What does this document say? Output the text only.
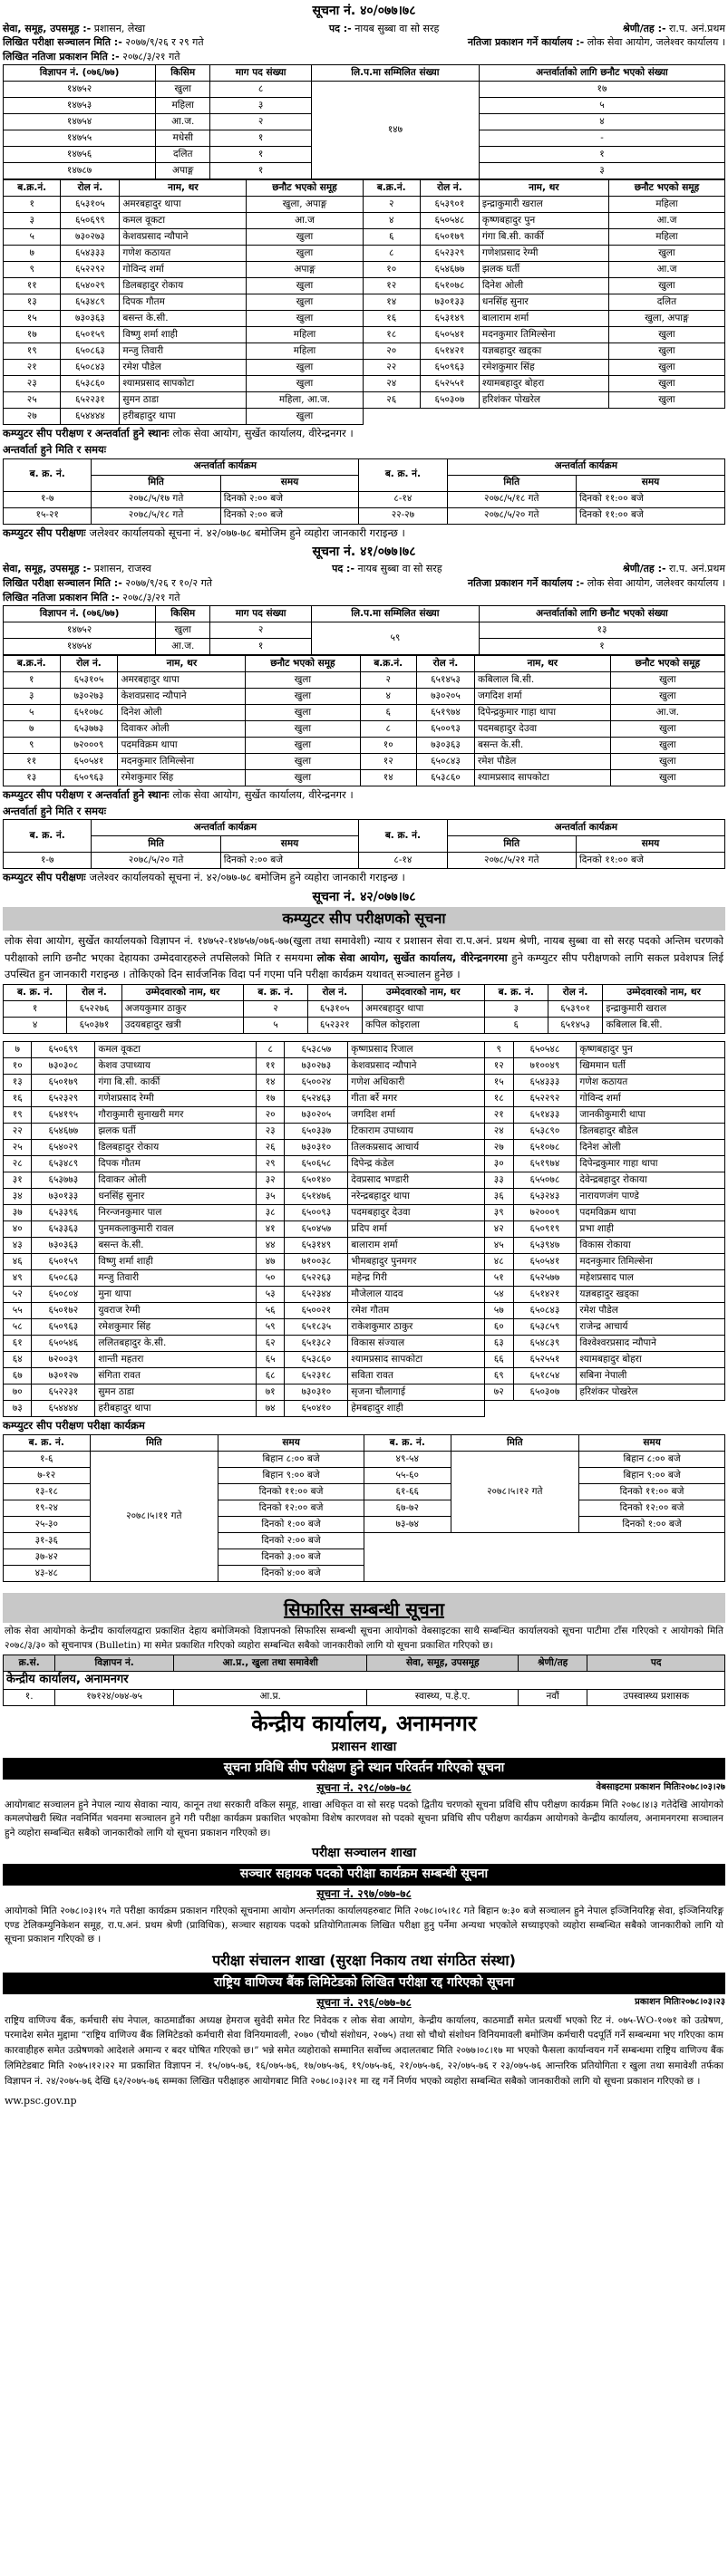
सूचना नं. ४०/०७७।७८
सेवा, समूह, उपसमूह :- प्रशासन, लेखा	पद :- नायब सुब्बा वा सो सरह	श्रेणी/तह :- रा.प. अनं.प्रथम
लिखित परीक्षा सञ्चालन मिति :- २०७७/९/२६ र २९ गते	नतिजा प्रकाशन गर्ने कार्यालय :- लोक सेवा आयोग, जलेश्वर कार्यालय ।
लिखित नतिजा प्रकाशन मिति :- २०७८/३/२१ गते
विज्ञापन नं. (०७६/७७)	किसिम	माग पद संख्या	लि.प.मा सम्मिलित संख्या	अन्तर्वार्ताको लागि छनौट भएको संख्या
१४७५२	खुला	८	१४७	१७
१४७५३	महिला	३		५
१४७५४	आ.ज.	२		४
१४७५५	मधेसी	१		-
१४७५६	दलित	१		१
१४७८७	अपाङ्ग	१		३
ब.क्र.नं.	रोल नं.	नाम, थर	छनौट भएको समूह	ब.क्र.नं.	रोल नं.	नाम, थर	छनौट भएको समूह
१	६५३१०५	अमरबहादुर थापा	खुला, अपाङ्ग	२	६५३९०१	इन्द्राकुमारी खराल	महिला
३	६५०६९९	कमल वूकटा	आ.ज	४	६५०५४८	कृष्णबहादुर पुन	आ.ज
५	७३०२७३	केशवप्रसाद न्यौपाने	खुला	६	६५०१७९	गंगा बि.सी. कार्की	महिला
७	६५४३३३	गणेश कठायत	खुला	८	६५२३२९	गणेशप्रसाद रेग्मी	खुला
९	६५२२९२	गोविन्द शर्मा	अपाङ्ग	१०	६५४६७७	झलक घर्ती	आ.ज
११	६५४०२९	डिलबहादुर रोकाय	खुला	१२	६५१०७८	दिनेश ओली	खुला
१३	६५३४८९	दिपक गौतम	खुला	१४	७३०१३३	धनसिंह सुनार	दलित
१५	७३०३६३	बसन्त के.सी.	खुला	१६	६५३१४९	बालाराम शर्मा	खुला, अपाङ्ग
१७	६५०१५९	विष्णु शर्मा शाही	महिला	१८	६५०५४१	मदनकुमार तिमिल्सेना	खुला
१९	६५०८६३	मन्जु तिवारी	महिला	२०	६५१४२१	यज्ञबहादुर खड्का	खुला
२१	६५०८४३	रमेश पौडेल	खुला	२२	६५०९६३	रमेशकुमार सिंह	खुला
२३	६५३८६०	श्यामप्रसाद सापकोटा	खुला	२४	६५२५५१	श्यामबहादुर बोहरा	खुला
२५	६५२२३१	सुमन ठाडा	महिला, आ.ज.	२६	६५०३०७	हरिशंकर पोखरेल	खुला
२७	६५४४४४	हरीबहादुर थापा	खुला				
कम्प्युटर सीप परीक्षण र अन्तर्वार्ता हुने स्थानः लोक सेवा आयोग, सुर्खेत कार्यालय, वीरेन्द्रनगर ।
अन्तर्वार्ता हुने मिति र समयः
ब. क्र. नं.	अन्तर्वार्ता कार्यक्रम		ब. क्र. नं.	अन्तर्वार्ता कार्यक्रम	
	मिति	समय		मिति	समय
१-७	२०७८/५/१७ गते	दिनको २:०० बजे	८-१४	२०७८/५/१८ गते	दिनको ११:०० बजे
१५-२१	२०७८/५/१८ गते	दिनको २:०० बजे	२२-२७	२०७८/५/२० गते	दिनको ११:०० बजे
कम्प्युटर सीप परीक्षणः जलेश्वर कार्यालयको सूचना नं. ४२/०७७-७८ बमोजिम हुने व्यहोरा जानकारी गराइन्छ ।
सूचना नं. ४१/०७७।७८
सेवा, समूह, उपसमूह :- प्रशासन, राजस्व	पद :- नायब सुब्बा वा सो सरह	श्रेणी/तह :- रा.प. अनं.प्रथम
लिखित परीक्षा सञ्चालन मिति :- २०७७/९/२६ र १०/२ गते	नतिजा प्रकाशन गर्ने कार्यालय :- लोक सेवा आयोग, जलेश्वर कार्यालय ।
लिखित नतिजा प्रकाशन मिति :- २०७८/३/२१ गते
विज्ञापन नं. (०७६/७७)	किसिम	माग पद संख्या	लि.प.मा सम्मिलित संख्या	अन्तर्वार्ताको लागि छनौट भएको संख्या
१४७५२	खुला	२	५९	१३
१४७५४	आ.ज.	१		१
ब.क्र.नं.	रोल नं.	नाम, थर	छनौट भएको समूह	ब.क्र.नं.	रोल नं.	नाम, थर	छनौट भएको समूह
१	६५३१०५	अमरबहादुर थापा	खुला	२	६५१४५३	कबिलाल बि.सी.	खुला
३	७३०२७३	केशवप्रसाद न्यौपाने	खुला	४	७३०२०५	जगदिश शर्मा	खुला
५	६५१०७८	दिनेश ओली	खुला	६	६५१९७४	दिपेन्द्रकुमार गाहा थापा	आ.ज.
७	६५३७७३	दिवाकर ओली	खुला	८	६५००९३	पदमबहादुर देउवा	खुला
९	७२०००९	पदमविक्रम थापा	खुला	१०	७३०३६३	बसन्त के.सी.	खुला
११	६५०५४१	मदनकुमार तिमिल्सेना	खुला	१२	६५०८४३	रमेश पौडेल	खुला
१३	६५०९६३	रमेशकुमार सिंह	खुला	१४	६५३८६०	श्यामप्रसाद सापकोटा	खुला
कम्प्युटर सीप परीक्षण र अन्तर्वार्ता हुने स्थानः लोक सेवा आयोग, सुर्खेत कार्यालय, वीरेन्द्रनगर ।
अन्तर्वार्ता हुने मिति र समयः
ब. क्र. नं.	अन्तर्वार्ता कार्यक्रम		ब. क्र. नं.	अन्तर्वार्ता कार्यक्रम	
	मिति	समय		मिति	समय
१-७	२०७८/५/२० गते	दिनको २:०० बजे	८-१४	२०७८/५/२१ गते	दिनको ११:०० बजे
कम्प्युटर सीप परीक्षणः जलेश्वर कार्यालयको सूचना नं. ४२/०७७-७८ बमोजिम हुने व्यहोरा जानकारी गराइन्छ ।
सूचना नं. ४२/०७७।७८
कम्प्युटर सीप परीक्षणको सूचना
लोक सेवा आयोग, सुर्खेत कार्यालयको विज्ञापन नं. १४७५२-१४७५७/०७६-७७(खुला तथा समावेशी) न्याय र प्रशासन सेवा रा.प.अनं. प्रथम श्रेणी, नायब सुब्बा वा सो सरह पदको अन्तिम चरणको परीक्षाको लागि छनौट भएका देहायका उम्मेदवारहरुले तपसिलको मिति र समयमा लोक सेवा आयोग, सुर्खेत कार्यालय, वीरेन्द्रनगरमा हुने कम्प्युटर सीप परीक्षणको लागि सकल प्रवेशपत्र लिई उपस्थित हुन जानकारी गराइन्छ । तोकिएको दिन सार्वजनिक विदा पर्न गएमा पनि परीक्षा कार्यक्रम यथावत् सञ्चालन हुनेछ ।
ब. क्र. नं.	रोल नं.	उम्मेदवारको नाम, थर	ब. क्र. नं.	रोल नं.	उम्मेदवारको नाम, थर	ब. क्र. नं.	रोल नं.	उम्मेदवारको नाम, थर
१	६५२२७६	अजयकुमार ठाकुर	२	६५३१०५	अमरबहादुर थापा	३	६५३९०१	इन्द्राकुमारी खराल
४	६५०३७१	उदयबहादुर खत्री	५	६५२३२१	कपिल कोइराला	६	६५१४५३	कबिलाल बि.सी.
७	६५०६९९	कमल वूकटा	८	६५३८५७	कृष्णप्रसाद रिजाल	९	६५०५४८	कृष्णबहादुर पुन
१०	७३०३०८	केशव उपाध्याय	११	७३०२७३	केशवप्रसाद न्यौपाने	१२	७१००४९	खिममान घर्ती
१३	६५०१७९	गंगा बि.सी. कार्की	१४	६५००२४	गणेश अधिकारी	१५	६५४३३३	गणेश कठायत
१६	६५२३२९	गणेशप्रसाद रेग्मी	१७	६५२४६३	गीता बर्रे मगर	१८	६५२२९२	गोविन्द शर्मा
१९	६५४१९५	गौराकुमारी सुनाखरी मगर	२०	७३०२०५	जगदिश शर्मा	२१	६५१४३३	जानकीकुमारी थापा
२२	६५४६७७	झलक घर्ती	२३	६५०३३७	टिकाराम उपाध्याय	२४	६५३८९०	डिलबहादुर बौडेल
२५	६५४०२९	डिलबहादुर रोकाय	२६	७३०३१०	तिलकप्रसाद आचार्य	२७	६५१०७८	दिनेश ओली
२८	६५३४८९	दिपक गौतम	२९	६५०६५८	दिपेन्द्र कंडेल	३०	६५१९७४	दिपेन्द्रकुमार गाहा थापा
३१	६५३७७३	दिवाकर ओली	३२	६५०१४०	देवप्रसाद भण्डारी	३३	६५५०७८	देवेन्द्रबहादुर रोकाया
३४	७३०१३३	धनसिंह सुनार	३५	६५१४७६	नरेन्द्रबहादुर थापा	३६	६५३२४३	नारायणजंग पाण्डे
३७	६५३३९६	निरन्जनकुमार पाल	३८	६५००९३	पदमबहादुर देउवा	३९	७२०००९	पदमविक्रम थापा
४०	६५३३६३	पुनमकलाकुमारी रावल	४१	६५०४५७	प्रदिप शर्मा	४२	६५०९१९	प्रभा शाही
४३	७३०३६३	बसन्त के.सी.	४४	६५३१४९	बालाराम शर्मा	४५	६५३९४७	विकास रोकाया
४६	६५०१५९	विष्णु शर्मा शाही	४७	७१००३८	भीमबहादुर पुनमगर	४८	६५०५४१	मदनकुमार तिमिल्सेना
४९	६५०८६३	मन्जु तिवारी	५०	६५२२६३	महेन्द्र गिरी	५१	६५२५७७	महेशप्रसाद पाल
५२	६५०८०४	मुना थापा	५३	६५२३४४	मौजेलाल यादव	५४	६५१४२१	यज्ञबहादुर खड्का
५५	६५०१७२	युवराज रेग्मी	५६	६५००२१	रमेश गौतम	५७	६५०८४३	रमेश पौडेल
५८	६५०९६३	रमेशकुमार सिंह	५९	६५१८३५	राकेशकुमार ठाकुर	६०	६५३८५९	राजेन्द्र आचार्य
६१	६५०५४६	ललितबहादुर के.सी.	६२	६५१३८२	विकास संज्याल	६३	६५४८३९	विश्वेश्वरप्रसाद न्यौपाने
६४	७२००३९	शान्ती महतरा	६५	६५३८६०	श्यामप्रसाद सापकोटा	६६	६५२५५१	श्यामबहादुर बोहरा
६७	७३०१२७	संगिता रावत	६८	६५२३१८	सविता रावत	६९	६५१८५४	सबिना नेपाली
७०	६५२२३१	सुमन ठाडा	७१	७३०३१०	सृजना चौलागाई	७२	६५०३०७	हरिशंकर पोखरेल
७३	६५४४४४	हरीबहादुर थापा	७४	६५०४१०	हेमबहादुर शाही			
कम्प्युटर सीप परीक्षण परीक्षा कार्यक्रम
ब. क्र. नं.	मिति	समय	ब. क्र. नं.	मिति	समय
१-६	२०७८।५।११ गते	बिहान ८:०० बजे	४९-५४	२०७८।५।१२ गते	बिहान ८:०० बजे
७-१२		बिहान ९:०० बजे	५५-६०		बिहान ९:०० बजे
१३-१८		दिनको ११:०० बजे	६१-६६		दिनको ११:०० बजे
१९-२४		दिनको १२:०० बजे	६७-७२		दिनको १२:०० बजे
२५-३०		दिनको १:०० बजे	७३-७४		दिनको १:०० बजे
३१-३६		दिनको २:०० बजे			
३७-४२		दिनको ३:०० बजे			
४३-४८		दिनको ४:०० बजे			
सिफारिस सम्बन्धी सूचना
लोक सेवा आयोगको केन्द्रीय कार्यालयद्वारा प्रकाशित देहाय बमोजिमको विज्ञापनको सिफारिस सम्बन्धी सूचना आयोगको वेबसाइटका साथै सम्बन्धित कार्यालयको सूचना पाटीमा टाँस गरिएको र आयोगको मिति २०७८/३/३० को सूचनापत्र (Bulletin) मा समेत प्रकाशित गरिएको व्यहोरा सम्बन्धित सबैको जानकारीको लागि यो सूचना प्रकाशित गरिएको छ।
क्र.सं.	विज्ञापन नं.	आ.प्र., खुला तथा समावेशी	सेवा, समूह, उपसमूह	श्रेणी/तह	पद
केन्द्रीय कार्यालय, अनामनगर					
१.	१७१२४/०७४-७५	आ.प्र.	स्वास्थ्य, प.हे.ए.	नवौं	उपस्वास्थ्य प्रशासक
केन्द्रीय कार्यालय, अनामनगर
प्रशासन शाखा
सूचना प्रविधि सीप परीक्षण हुने स्थान परिवर्तन गरिएको सूचना
सूचना नं. २९८/०७७-७८	वेबसाइटमा प्रकाशन मितिः२०७८।०३।२७
आयोगबाट सञ्चालन हुने नेपाल न्याय सेवाका न्याय, कानून तथा सरकारी वकिल समूह, शाखा अधिकृत वा सो सरह पदको द्वितीय चरणको सूचना प्रविधि सीप परीक्षण कार्यक्रम मिति २०७८।४।३ गतेदेखि आयोगको कमलपोखरी स्थित नवनिर्मित भवनमा सञ्चालन हुने गरी परीक्षा कार्यक्रम प्रकाशित भएकोमा विशेष कारणवश सो पदको सूचना प्रविधि सीप परीक्षण कार्यक्रम आयोगको केन्द्रीय कार्यालय, अनामनगरमा सञ्चालन हुने व्यहोरा सम्बन्धित सबैको जानकारीको लागि यो सूचना प्रकाशन गरिएको छ।
परीक्षा सञ्चालन शाखा
सञ्चार सहायक पदको परीक्षा कार्यक्रम सम्बन्धी सूचना
सूचना नं. २९७/०७७-७८
आयोगको मिति २०७८।०३।१५ गते परीक्षा कार्यक्रम प्रकाशन गरिएको सूचनामा आयोग अन्तर्गतका कार्यालयहरुबाट मिति २०७८।०५।१८ गते बिहान ७:३० बजे सञ्चालन हुने नेपाल इञ्जिनियरिङ्ग सेवा, इञ्जिनियरिङ्ग एण्ड टेलिकम्युनिकेशन समूह, रा.प.अनं. प्रथम श्रेणी (प्राविधिक), सञ्चार सहायक पदको प्रतियोगितात्मक लिखित परीक्षा हुनु पर्नेमा अन्यथा भएकोले सच्याइएको व्यहोरा सम्बन्धित सबैको जानकारीको लागि यो सूचना प्रकाशन गरिएको छ ।
परीक्षा संचालन शाखा (सुरक्षा निकाय तथा संगठित संस्था)
राष्ट्रिय वाणिज्य बैंक लिमिटेडको लिखित परीक्षा रद्द गरिएको सूचना
सूचना नं. २९६/०७७-७८	प्रकाशन मितिः२०७८।०३।२३
राष्ट्रिय वाणिज्य बैंक, कर्मचारी संघ नेपाल, काठमाडौंका अध्यक्ष हेमराज सुवेदी समेत रिट निवेदक र लोक सेवा आयोग, केन्द्रीय कार्यालय, काठमाडौं समेत प्रत्यर्थी भएको रिट नं. ०७५-WO-१०७१ को उत्प्रेषण, परमादेश समेत मुद्दामा “राष्ट्रिय वाणिज्य बैंक लिमिटेडको कर्मचारी सेवा विनियमावली, २०७० (चौथो संशोधन, २०७५) तथा सो चौथो संशोधन विनियमावली बमोजिम कर्मचारी पदपूर्ति गर्ने सम्बन्धमा भए गरिएका काम कारवाहीहरु समेत उत्प्रेषणको आदेशले अमान्य र बदर घोषित गरिएको छ।” भन्ने समेत व्यहोराको सम्मानित सर्वोच्च अदालतबाट मिति २०७७।०८।१७ मा भएको फैसला कार्यान्वयन गर्ने सम्बन्धमा राष्ट्रिय वाणिज्य बैंक लिमिटेडबाट मिति २०७५।१२।२२ मा प्रकाशित विज्ञापन नं. १५/०७५-७६, १६/०७५-७६, १७/०७५-७६, १९/०७५-७६, २१/०७५-७६, २२/०७५-७६ र २३/०७५-७६ आन्तरिक प्रतियोगिता र खुला तथा समावेशी तर्फका विज्ञापन नं. २४/२०७५-७६ देखि ६२/२०७५-७६ सम्मका लिखित परीक्षाहरु आयोगबाट मिति २०७८।०३।२१ मा रद्द गर्ने निर्णय भएको व्यहोरा सम्बन्धित सबैको जानकारीको लागि यो सूचना प्रकाशन गरिएको छ ।
ww.psc.gov.np
